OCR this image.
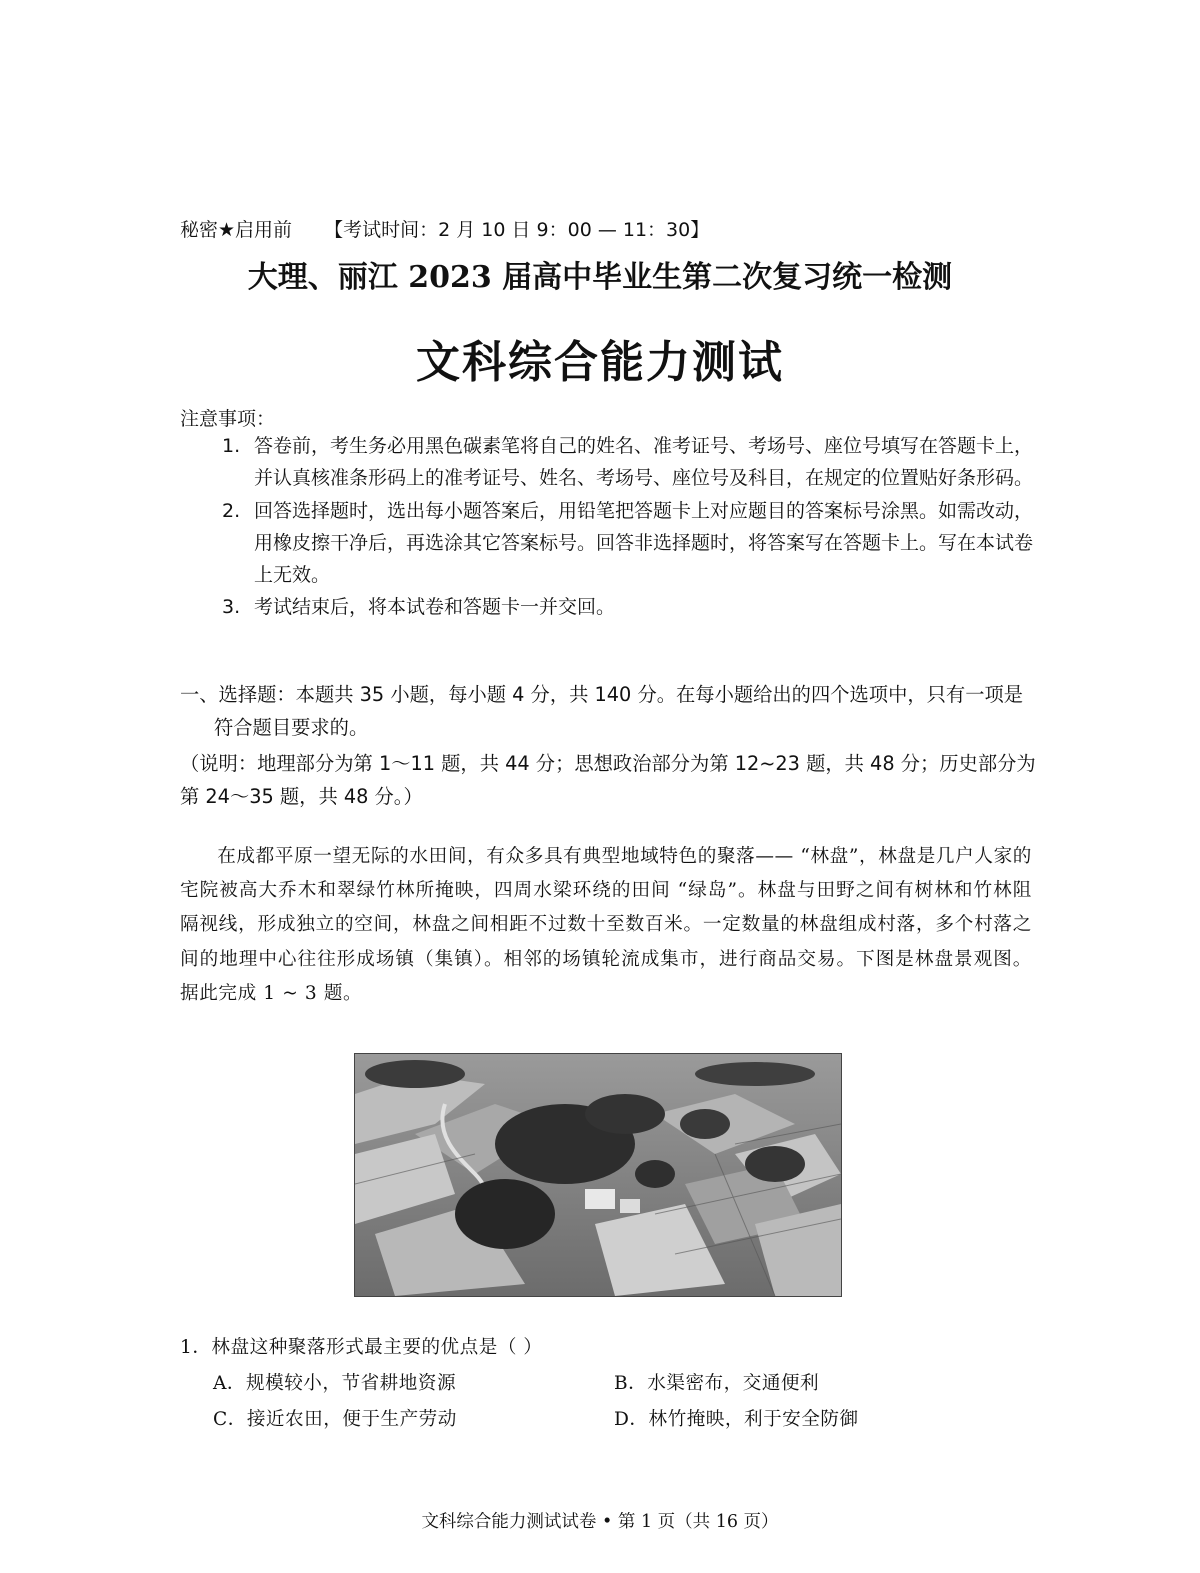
秘密★启用前 【考试时间：2 月 10 日 9：00 — 11：30】
大理、丽江 2023 届高中毕业生第二次复习统一检测
文科综合能力测试
注意事项：
1. 答卷前，考生务必用黑色碳素笔将自己的姓名、准考证号、考场号、座位号填写在答题卡上，并认真核准条形码上的准考证号、姓名、考场号、座位号及科目，在规定的位置贴好条形码。
2. 回答选择题时，选出每小题答案后，用铅笔把答题卡上对应题目的答案标号涂黑。如需改动，用橡皮擦干净后，再选涂其它答案标号。回答非选择题时，将答案写在答题卡上。写在本试卷上无效。
3. 考试结束后，将本试卷和答题卡一并交回。
一、选择题：本题共 35 小题，每小题 4 分，共 140 分。在每小题给出的四个选项中，只有一项是符合题目要求的。
（说明：地理部分为第 1～11 题，共 44 分；思想政治部分为第 12~23 题，共 48 分；历史部分为第 24～35 题，共 48 分。）
在成都平原一望无际的水田间，有众多具有典型地域特色的聚落—— “林盘”，林盘是几户人家的宅院被高大乔木和翠绿竹林所掩映，四周水梁环绕的田间 “绿岛”。林盘与田野之间有树林和竹林阻隔视线，形成独立的空间，林盘之间相距不过数十至数百米。一定数量的林盘组成村落，多个村落之间的地理中心往往形成场镇（集镇）。相邻的场镇轮流成集市，进行商品交易。下图是林盘景观图。据此完成 1 ~ 3 题。
1．林盘这种聚落形式最主要的优点是（ ）
A．规模较小，节省耕地资源	B．水渠密布，交通便利
C．接近农田，便于生产劳动	D．林竹掩映，利于安全防御
文科综合能力测试试卷 • 第 1 页（共 16 页）
